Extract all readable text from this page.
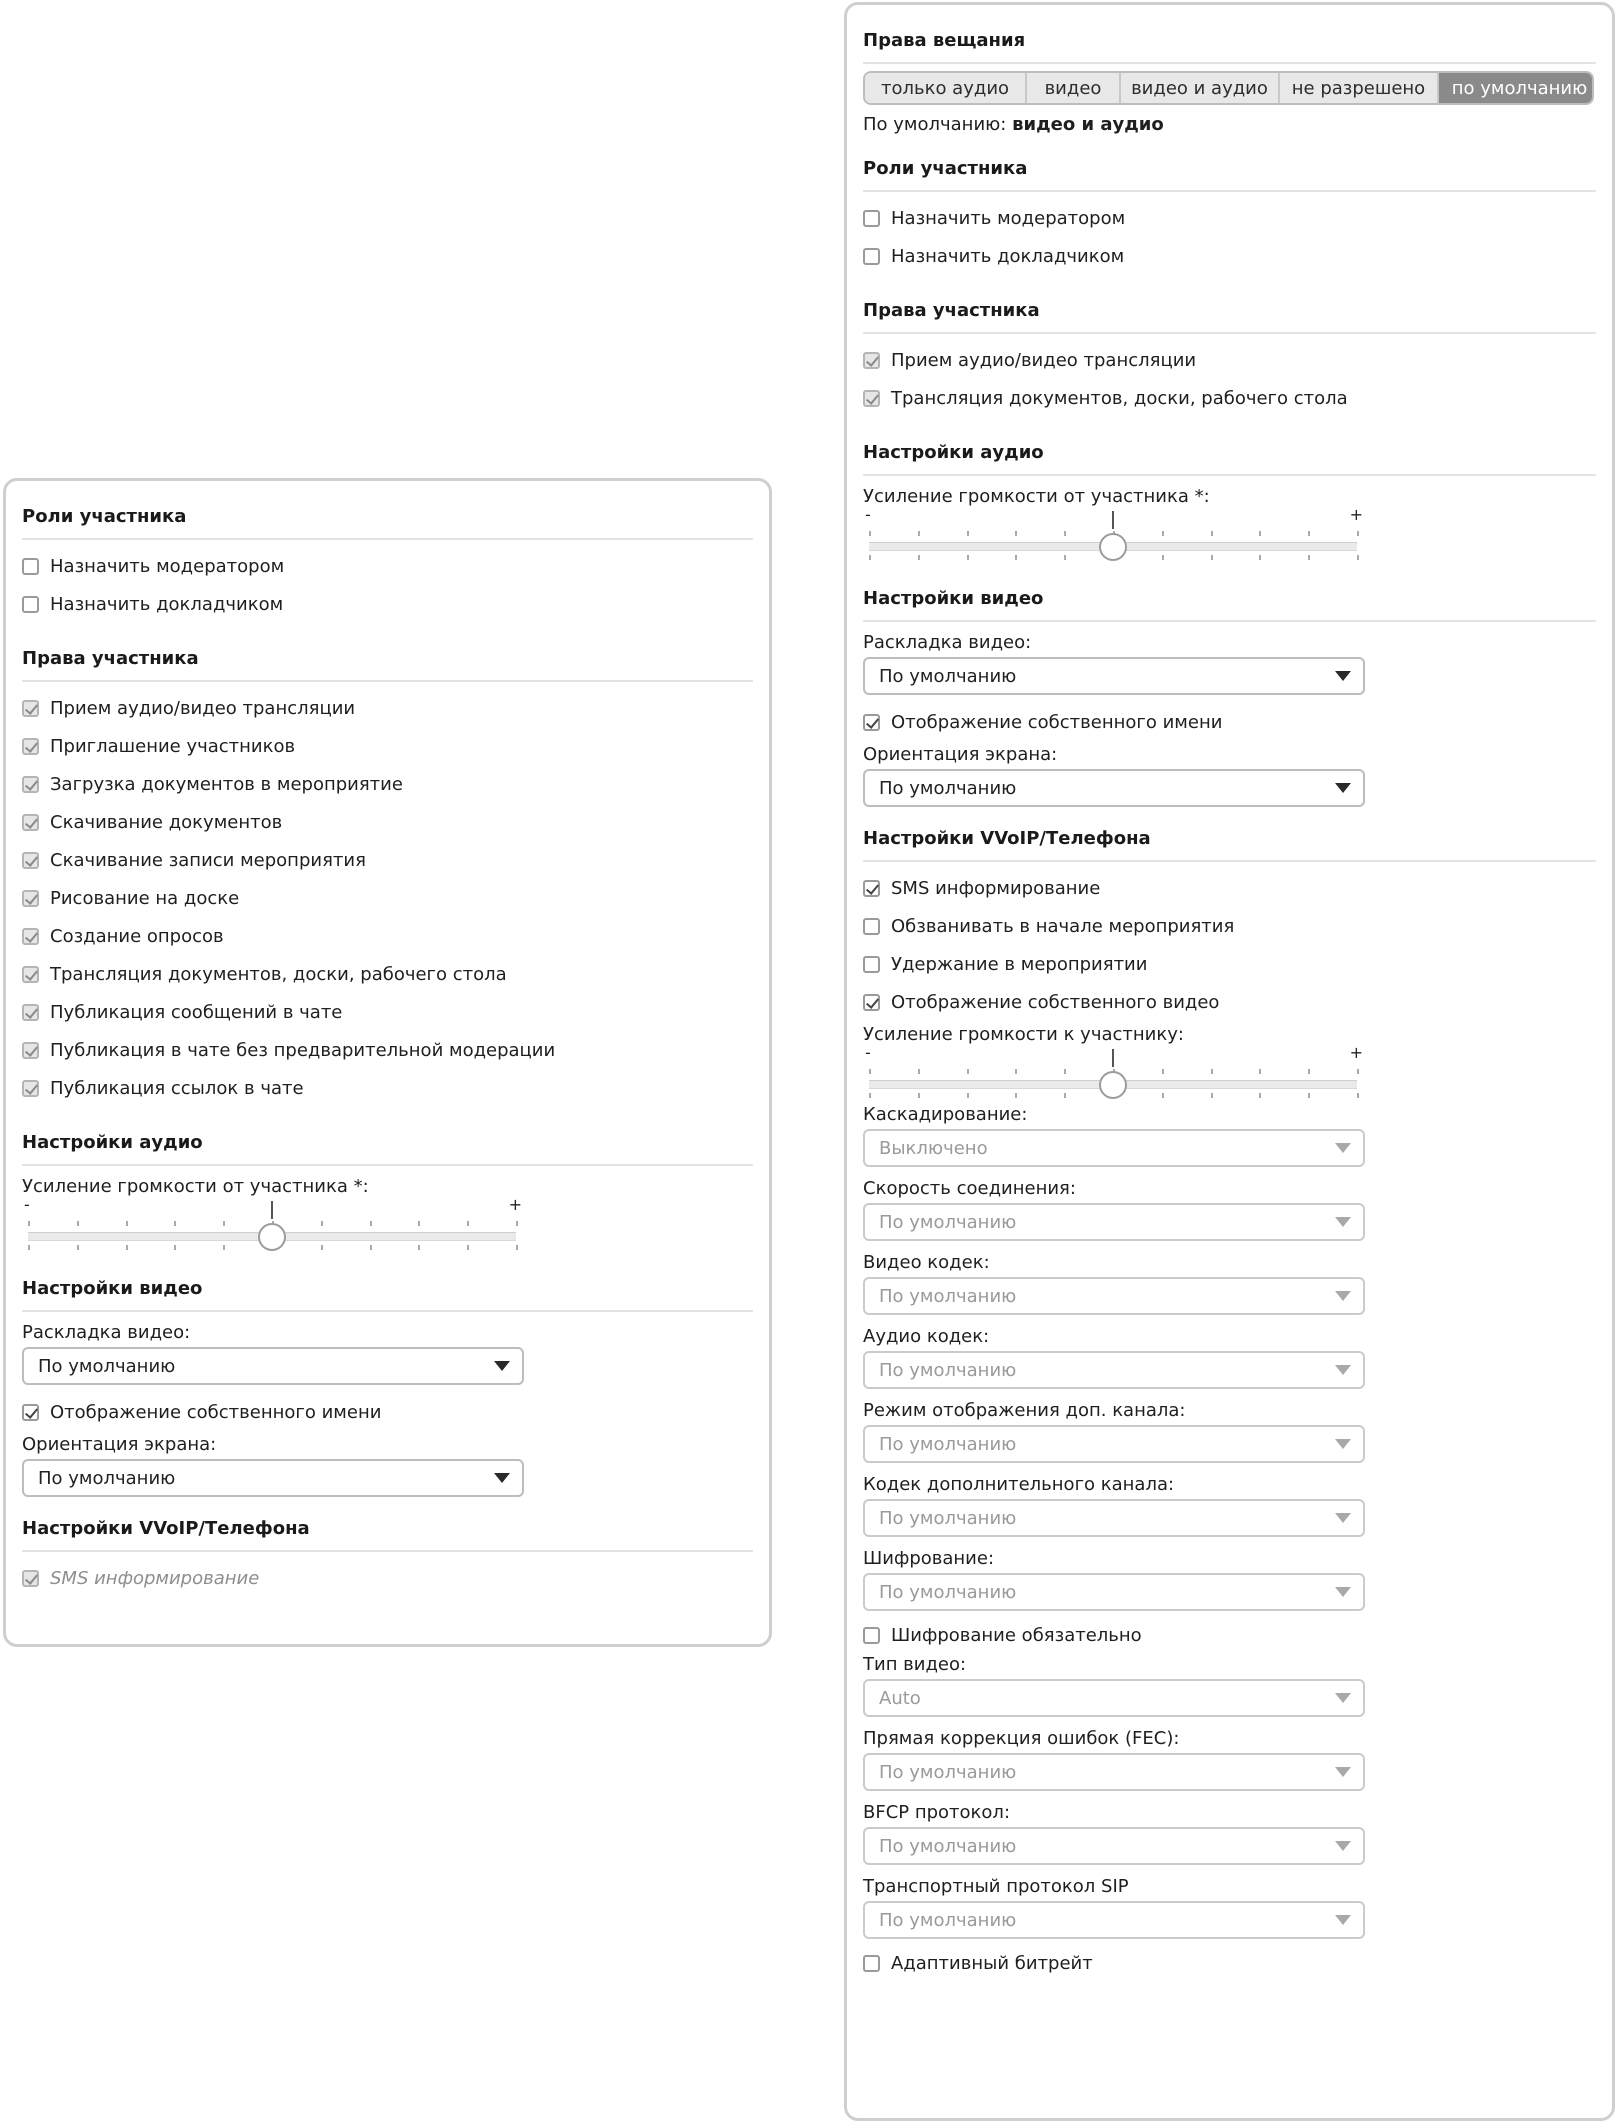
Роли участника
Назначить модератором
Назначить докладчиком
Права участника
Прием аудио/видео трансляции
Приглашение участников
Загрузка документов в мероприятие
Скачивание документов
Скачивание записи мероприятия
Рисование на доске
Создание опросов
Трансляция документов, доски, рабочего стола
Публикация сообщений в чате
Публикация в чате без предварительной модерации
Публикация ссылок в чате
Настройки аудио
Усиление громкости от участника *:
-	+
Настройки видео
Раскладка видео:
По умолчанию
Отображение собственного имени
Ориентация экрана:
По умолчанию
Настройки VVoIP/Телефона
SMS информирование
Права вещания
только аудио	видео	видео и аудио	не разрешено	по умолчанию
По умолчанию: видео и аудио
Роли участника
Назначить модератором
Назначить докладчиком
Права участника
Прием аудио/видео трансляции
Трансляция документов, доски, рабочего стола
Настройки аудио
Усиление громкости от участника *:
-	+
Настройки видео
Раскладка видео:
По умолчанию
Отображение собственного имени
Ориентация экрана:
По умолчанию
Настройки VVoIP/Телефона
SMS информирование
Обзванивать в начале мероприятия
Удержание в мероприятии
Отображение собственного видео
Усиление громкости к участнику:
-	+
Каскадирование:
Выключено
Скорость соединения:
По умолчанию
Видео кодек:
По умолчанию
Аудио кодек:
По умолчанию
Режим отображения доп. канала:
По умолчанию
Кодек дополнительного канала:
По умолчанию
Шифрование:
По умолчанию
Шифрование обязательно
Тип видео:
Auto
Прямая коррекция ошибок (FEC):
По умолчанию
BFCP протокол:
По умолчанию
Транспортный протокол SIP
По умолчанию
Адаптивный битрейт
